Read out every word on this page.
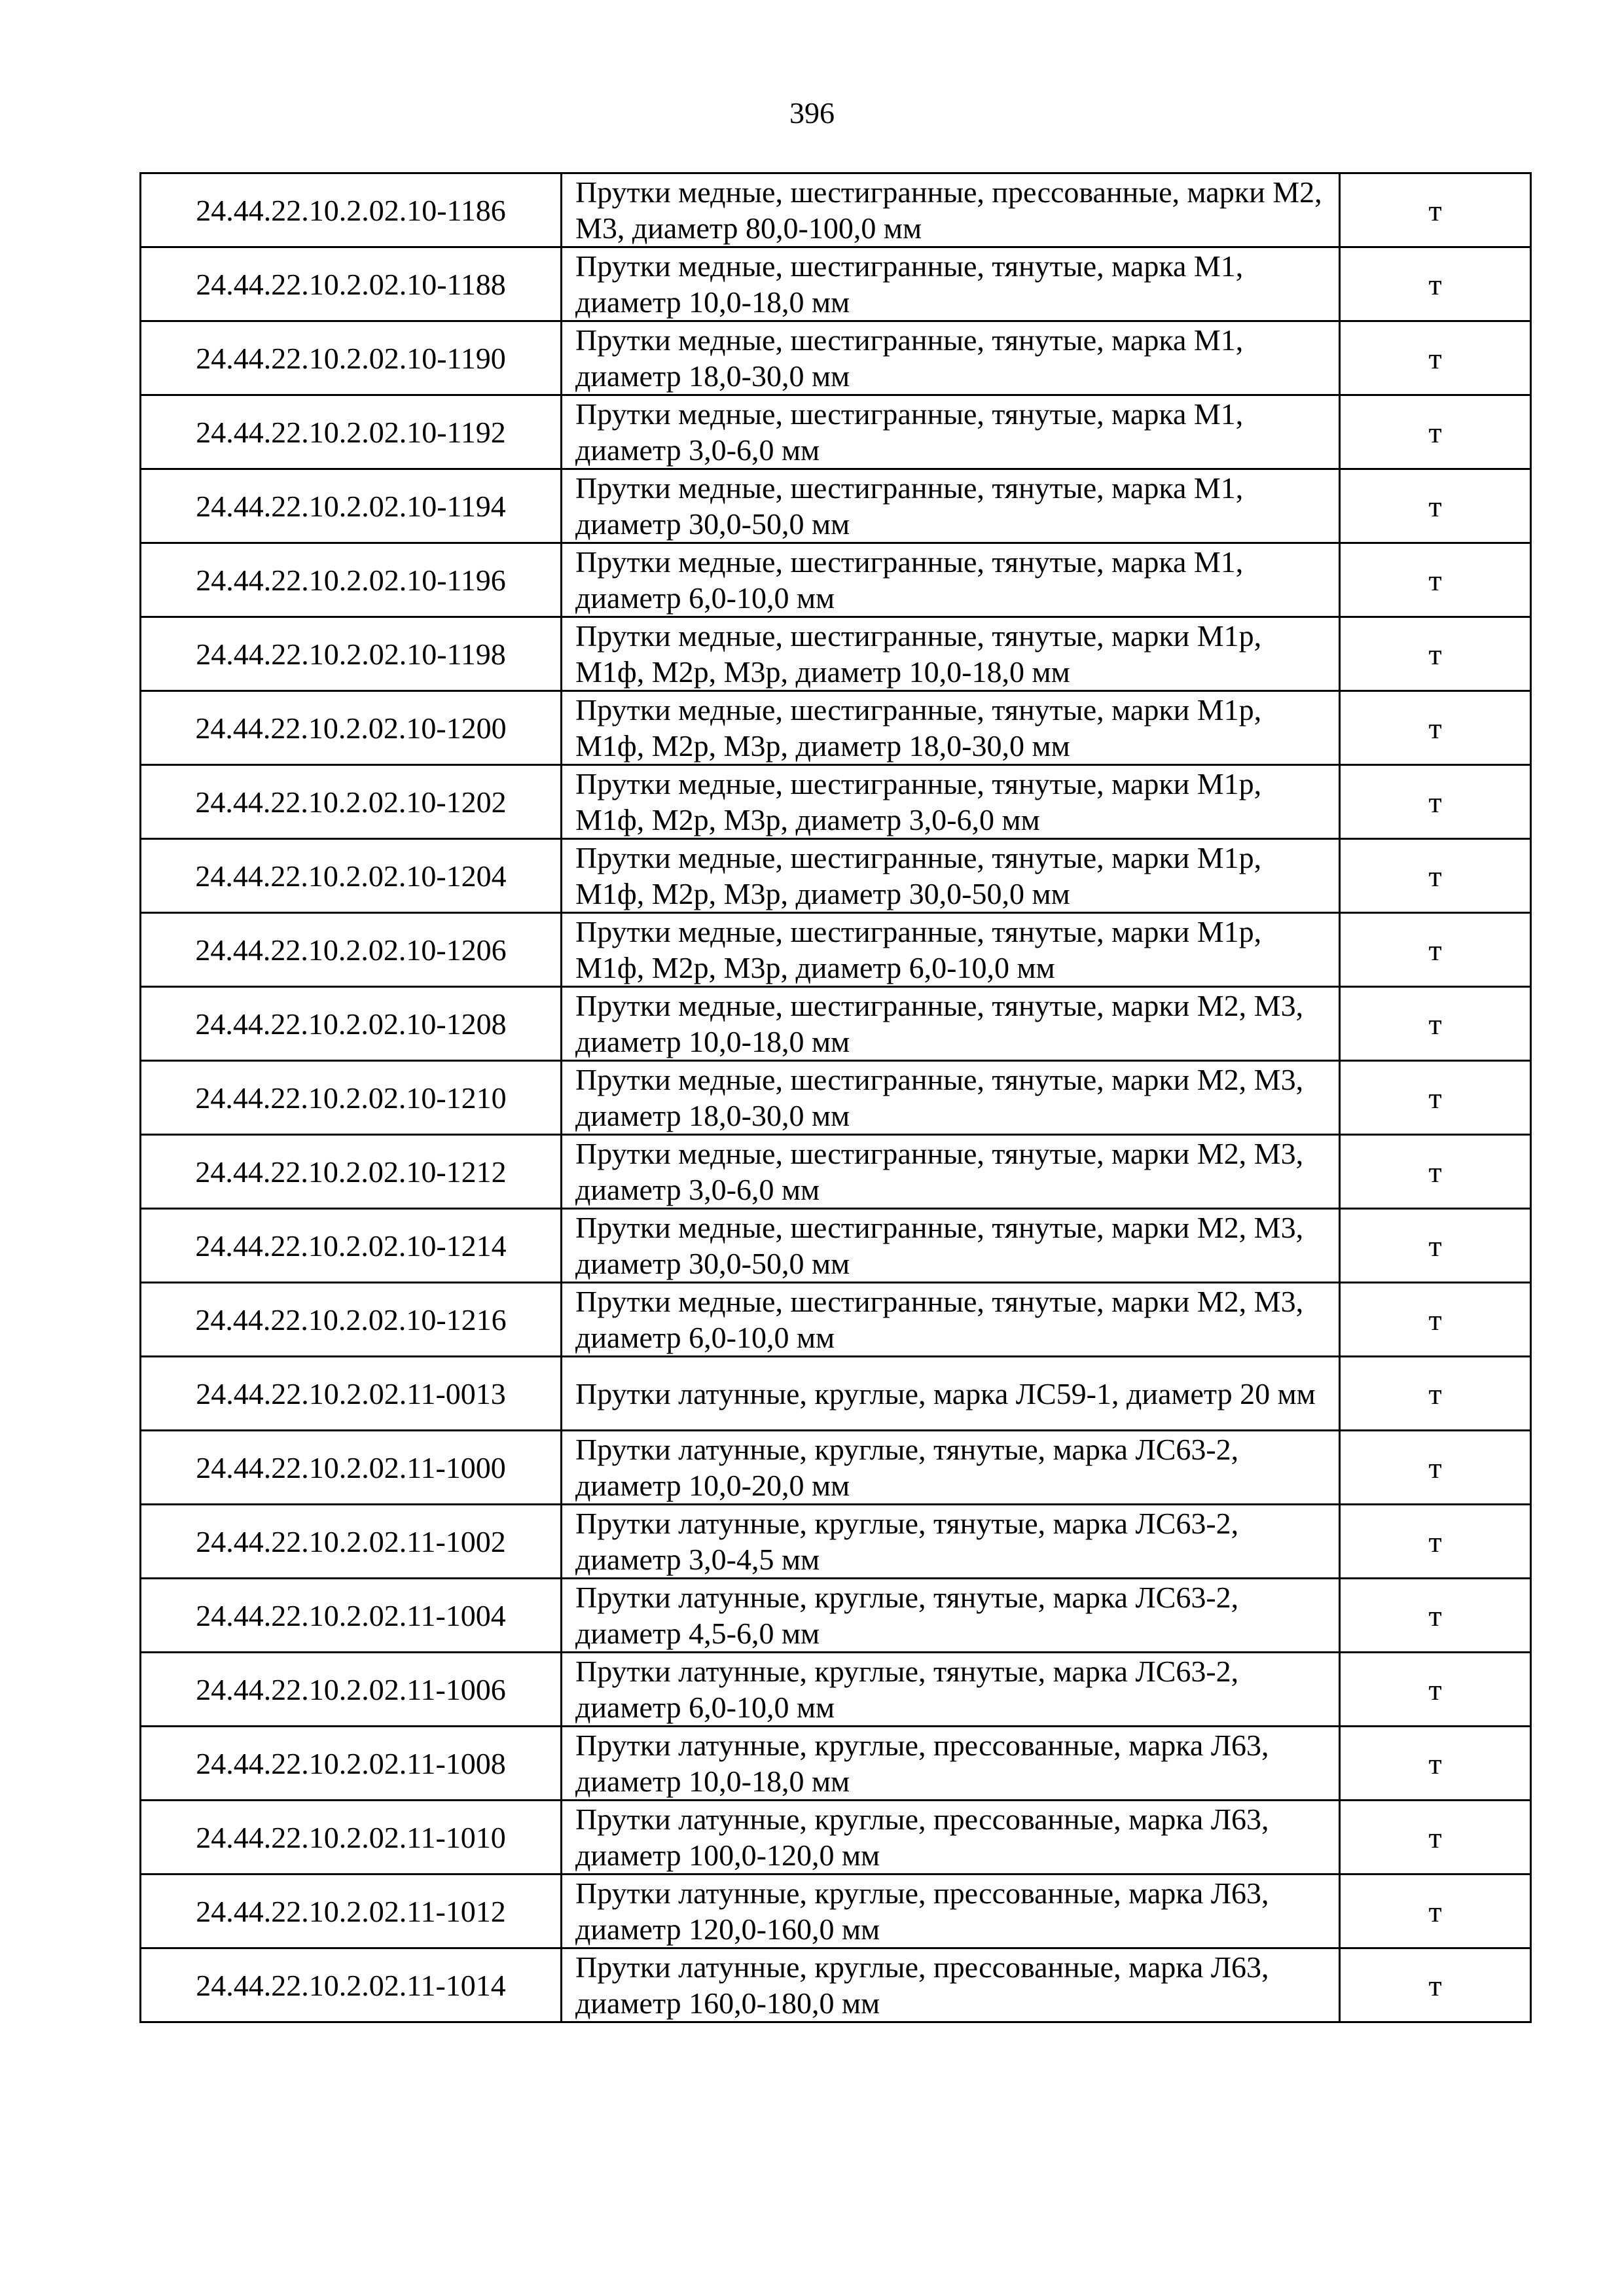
396
24.44.22.10.2.02.10-1186	Прутки медные, шестигранные, прессованные, марки М2, М3, диаметр 80,0-100,0 мм	т
24.44.22.10.2.02.10-1188	Прутки медные, шестигранные, тянутые, марка М1, диаметр 10,0-18,0 мм	т
24.44.22.10.2.02.10-1190	Прутки медные, шестигранные, тянутые, марка М1, диаметр 18,0-30,0 мм	т
24.44.22.10.2.02.10-1192	Прутки медные, шестигранные, тянутые, марка М1, диаметр 3,0-6,0 мм	т
24.44.22.10.2.02.10-1194	Прутки медные, шестигранные, тянутые, марка М1, диаметр 30,0-50,0 мм	т
24.44.22.10.2.02.10-1196	Прутки медные, шестигранные, тянутые, марка М1, диаметр 6,0-10,0 мм	т
24.44.22.10.2.02.10-1198	Прутки медные, шестигранные, тянутые, марки М1р, М1ф, М2р, М3р, диаметр 10,0-18,0 мм	т
24.44.22.10.2.02.10-1200	Прутки медные, шестигранные, тянутые, марки М1р, М1ф, М2р, М3р, диаметр 18,0-30,0 мм	т
24.44.22.10.2.02.10-1202	Прутки медные, шестигранные, тянутые, марки М1р, М1ф, М2р, М3р, диаметр 3,0-6,0 мм	т
24.44.22.10.2.02.10-1204	Прутки медные, шестигранные, тянутые, марки М1р, М1ф, М2р, М3р, диаметр 30,0-50,0 мм	т
24.44.22.10.2.02.10-1206	Прутки медные, шестигранные, тянутые, марки М1р, М1ф, М2р, М3р, диаметр 6,0-10,0 мм	т
24.44.22.10.2.02.10-1208	Прутки медные, шестигранные, тянутые, марки М2, М3, диаметр 10,0-18,0 мм	т
24.44.22.10.2.02.10-1210	Прутки медные, шестигранные, тянутые, марки М2, М3, диаметр 18,0-30,0 мм	т
24.44.22.10.2.02.10-1212	Прутки медные, шестигранные, тянутые, марки М2, М3, диаметр 3,0-6,0 мм	т
24.44.22.10.2.02.10-1214	Прутки медные, шестигранные, тянутые, марки М2, М3, диаметр 30,0-50,0 мм	т
24.44.22.10.2.02.10-1216	Прутки медные, шестигранные, тянутые, марки М2, М3, диаметр 6,0-10,0 мм	т
24.44.22.10.2.02.11-0013	Прутки латунные, круглые, марка ЛС59-1, диаметр 20 мм	т
24.44.22.10.2.02.11-1000	Прутки латунные, круглые, тянутые, марка ЛС63-2, диаметр 10,0-20,0 мм	т
24.44.22.10.2.02.11-1002	Прутки латунные, круглые, тянутые, марка ЛС63-2, диаметр 3,0-4,5 мм	т
24.44.22.10.2.02.11-1004	Прутки латунные, круглые, тянутые, марка ЛС63-2, диаметр 4,5-6,0 мм	т
24.44.22.10.2.02.11-1006	Прутки латунные, круглые, тянутые, марка ЛС63-2, диаметр 6,0-10,0 мм	т
24.44.22.10.2.02.11-1008	Прутки латунные, круглые, прессованные, марка Л63, диаметр 10,0-18,0 мм	т
24.44.22.10.2.02.11-1010	Прутки латунные, круглые, прессованные, марка Л63, диаметр 100,0-120,0 мм	т
24.44.22.10.2.02.11-1012	Прутки латунные, круглые, прессованные, марка Л63, диаметр 120,0-160,0 мм	т
24.44.22.10.2.02.11-1014	Прутки латунные, круглые, прессованные, марка Л63, диаметр 160,0-180,0 мм	т
